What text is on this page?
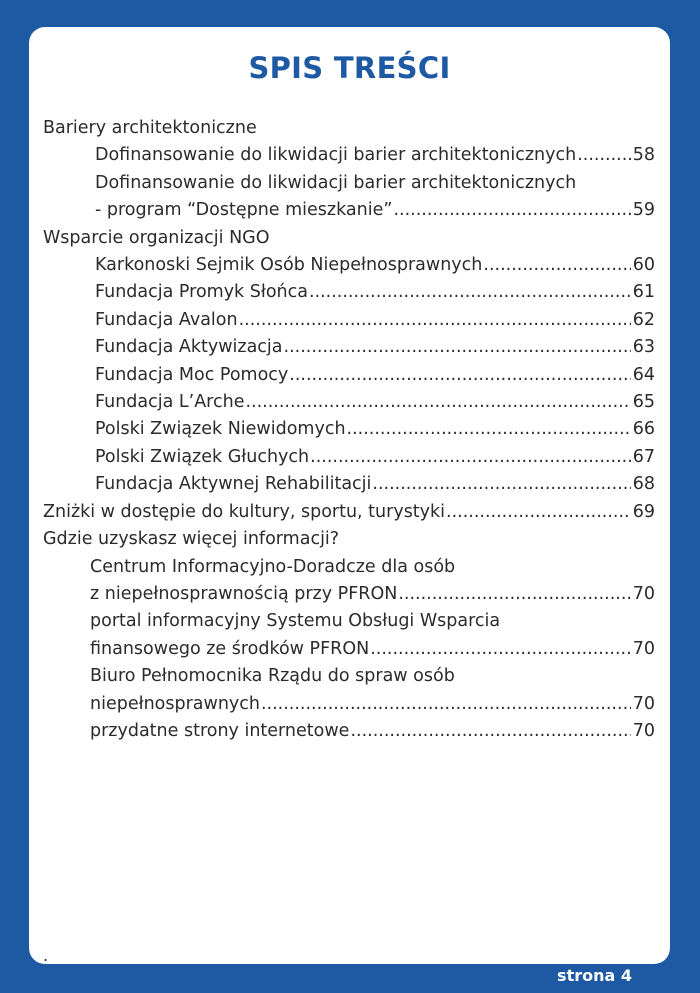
SPIS TREŚCI
Bariery architektoniczne
Dofinansowanie do likwidacji barier architektonicznych .....	58
Dofinansowanie do likwidacji barier architektonicznych
- program “Dostępne mieszkanie” .....	59
Wsparcie organizacji NGO
Karkonoski Sejmik Osób Niepełnosprawnych .....	60
Fundacja Promyk Słońca .....	61
Fundacja Avalon .....	62
Fundacja Aktywizacja .....	63
Fundacja Moc Pomocy .....	64
Fundacja L’Arche .....	65
Polski Związek Niewidomych .....	66
Polski Związek Głuchych .....	67
Fundacja Aktywnej Rehabilitacji .....	68
Zniżki w dostępie do kultury, sportu, turystyki .....	69
Gdzie uzyskasz więcej informacji?
Centrum Informacyjno-Doradcze dla osób
z niepełnosprawnością przy PFRON .....	70
portal informacyjny Systemu Obsługi Wsparcia
finansowego ze środków PFRON .....	70
Biuro Pełnomocnika Rządu do spraw osób
niepełnosprawnych .....	70
przydatne strony internetowe .....	70
.
strona 4
